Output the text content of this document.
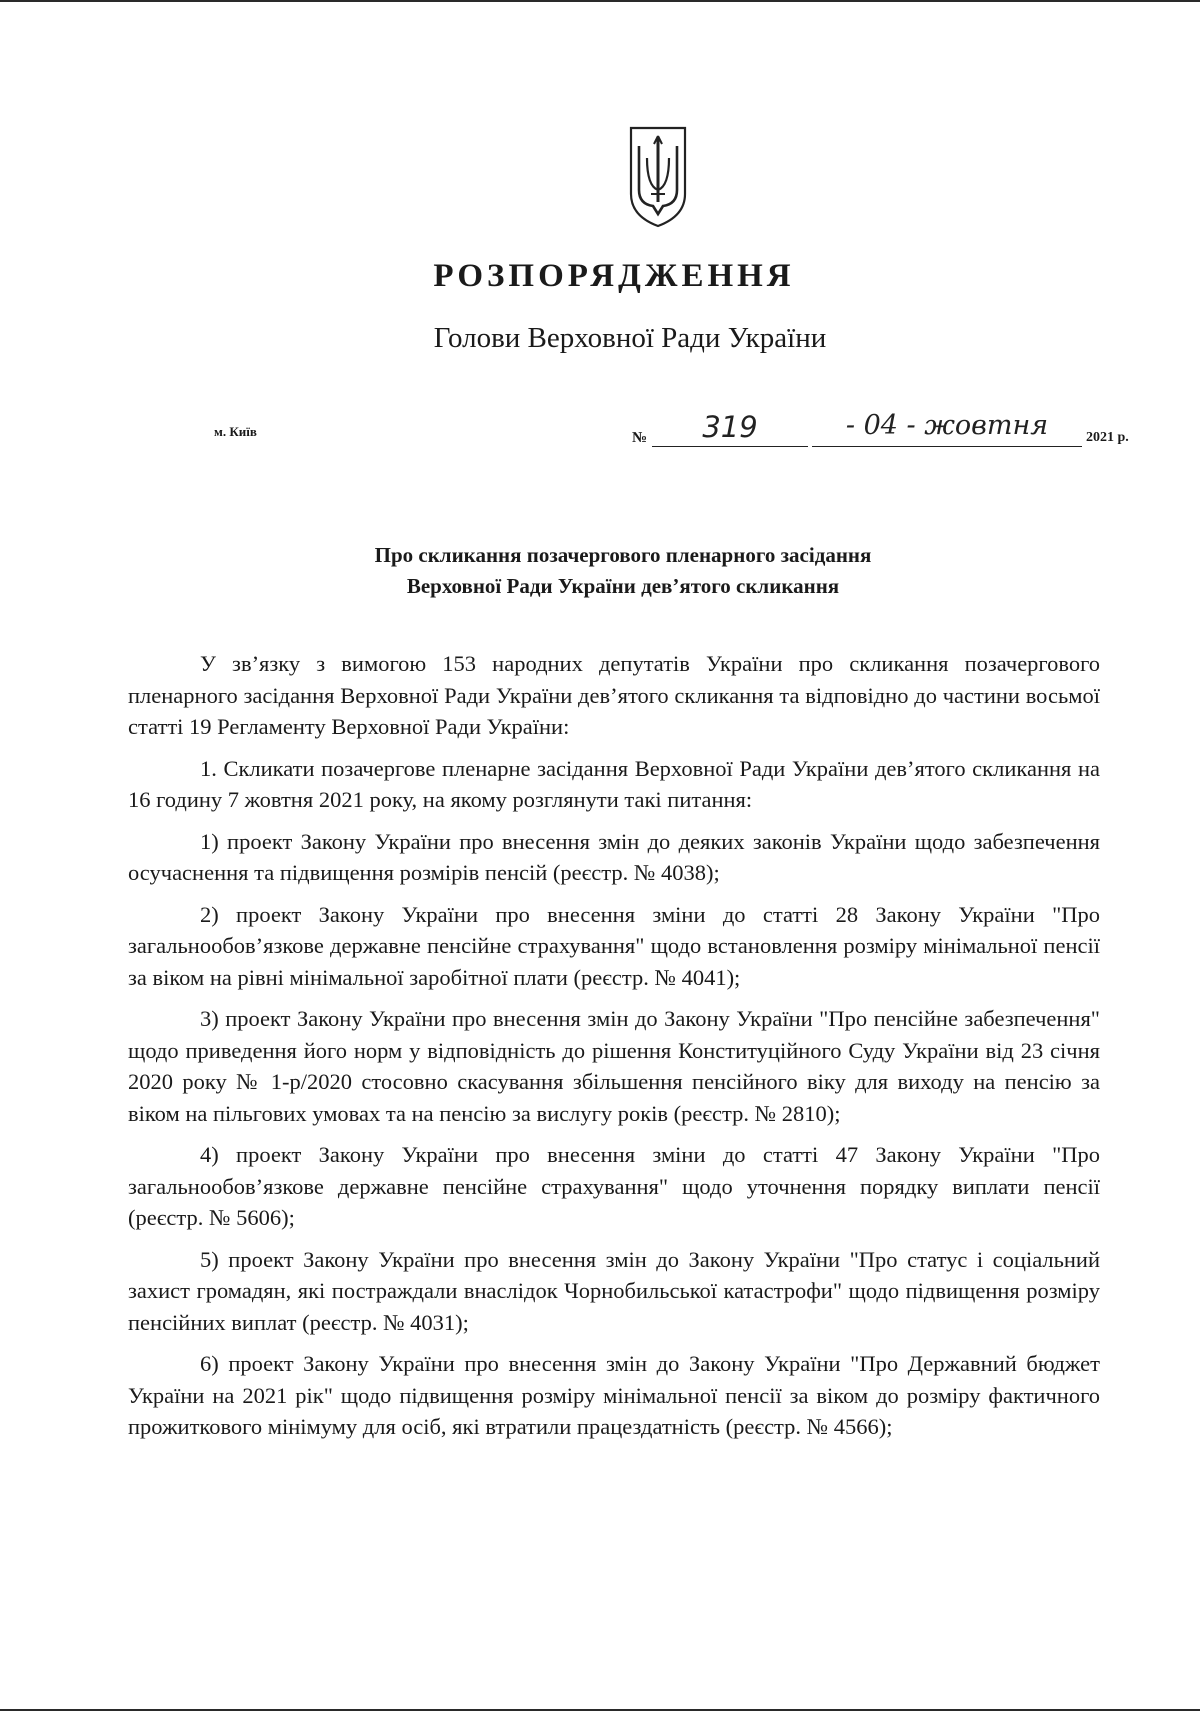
РОЗПОРЯДЖЕННЯ
Голови Верховної Ради України
м. Київ	№	319	- 04 - жовтня	2021 р.
Про скликання позачергового пленарного засідання
Верховної Ради України дев’ятого скликання

У зв’язку з вимогою 153 народних депутатів України про скликання позачергового пленарного засідання Верховної Ради України дев’ятого скликання та відповідно до частини восьмої статті 19 Регламенту Верховної Ради України:

1. Скликати позачергове пленарне засідання Верховної Ради України дев’ятого скликання на 16 годину 7 жовтня 2021 року, на якому розглянути такі питання:

1) проект Закону України про внесення змін до деяких законів України щодо забезпечення осучаснення та підвищення розмірів пенсій (реєстр. № 4038);

2) проект Закону України про внесення зміни до статті 28 Закону України "Про загальнообов’язкове державне пенсійне страхування" щодо встановлення розміру мінімальної пенсії за віком на рівні мінімальної заробітної плати (реєстр. № 4041);

3) проект Закону України про внесення змін до Закону України "Про пенсійне забезпечення" щодо приведення його норм у відповідність до рішення Конституційного Суду України від 23 січня 2020 року № 1-р/2020 стосовно скасування збільшення пенсійного віку для виходу на пенсію за віком на пільгових умовах та на пенсію за вислугу років (реєстр. № 2810);

4) проект Закону України про внесення зміни до статті 47 Закону України "Про загальнообов’язкове державне пенсійне страхування" щодо уточнення порядку виплати пенсії (реєстр. № 5606);

5) проект Закону України про внесення змін до Закону України "Про статус і соціальний захист громадян, які постраждали внаслідок Чорнобильської катастрофи" щодо підвищення розміру пенсійних виплат (реєстр. № 4031);

6) проект Закону України про внесення змін до Закону України "Про Державний бюджет України на 2021 рік" щодо підвищення розміру мінімальної пенсії за віком до розміру фактичного прожиткового мінімуму для осіб, які втратили працездатність (реєстр. № 4566);
